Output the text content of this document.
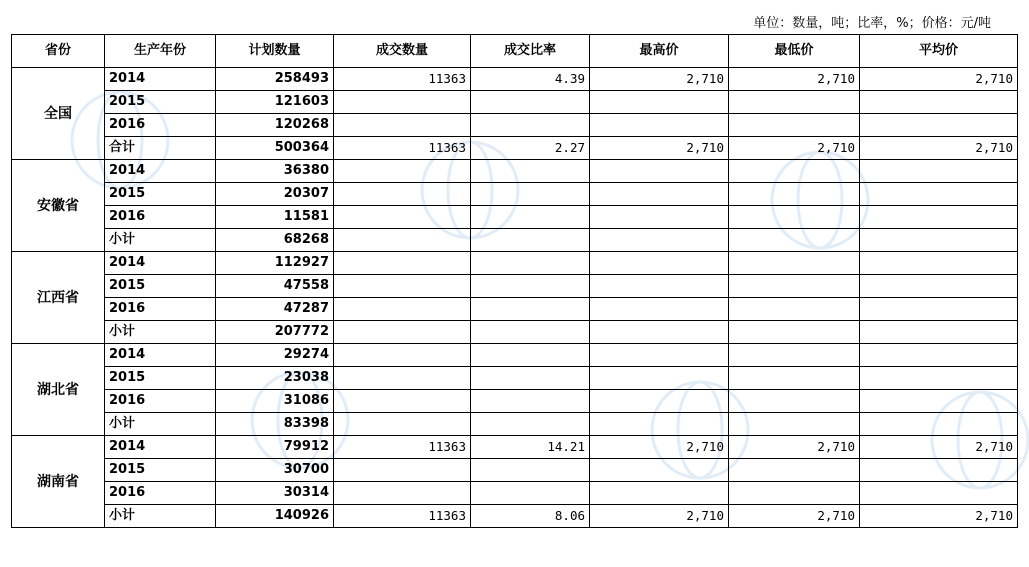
单位：数量，吨；比率，%；价格：元/吨
省份	生产年份	计划数量	成交数量	成交比率	最高价	最低价	平均价
全国	2014	258493	11363	4.39	2,710	2,710	2,710
	2015	121603					
	2016	120268					
	合计	500364	11363	2.27	2,710	2,710	2,710
安徽省	2014	36380					
	2015	20307					
	2016	11581					
	小计	68268					
江西省	2014	112927					
	2015	47558					
	2016	47287					
	小计	207772					
湖北省	2014	29274					
	2015	23038					
	2016	31086					
	小计	83398					
湖南省	2014	79912	11363	14.21	2,710	2,710	2,710
	2015	30700					
	2016	30314					
	小计	140926	11363	8.06	2,710	2,710	2,710
